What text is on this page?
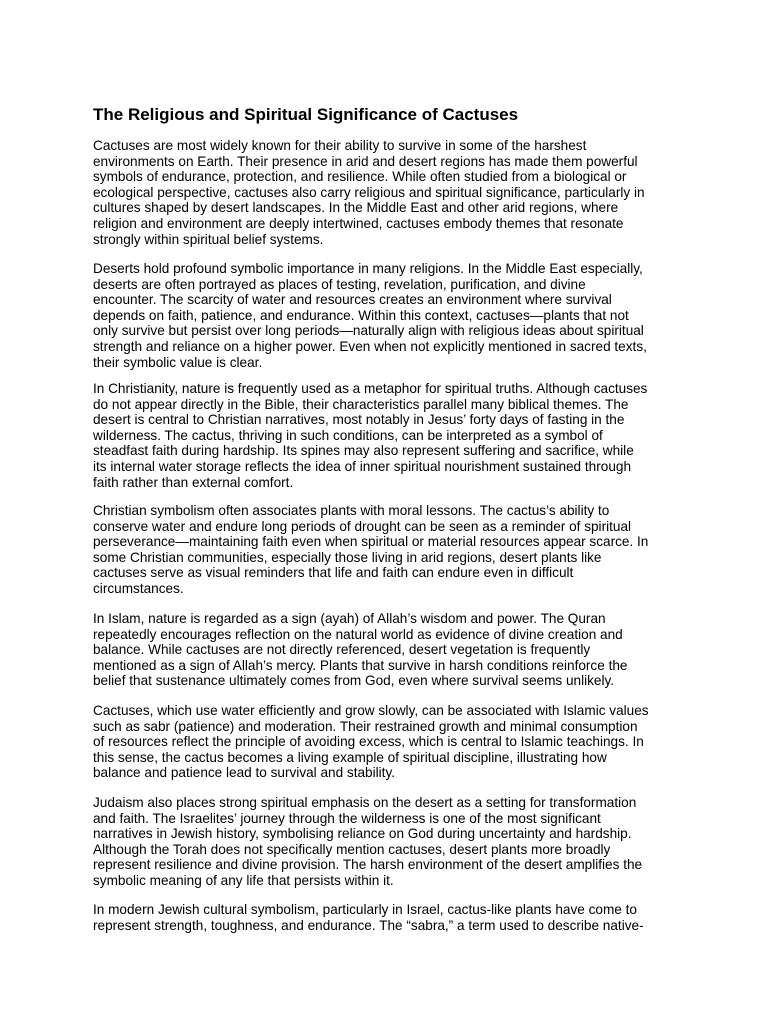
The Religious and Spiritual Significance of Cactuses

Cactuses are most widely known for their ability to survive in some of the harshest
environments on Earth. Their presence in arid and desert regions has made them powerful
symbols of endurance, protection, and resilience. While often studied from a biological or
ecological perspective, cactuses also carry religious and spiritual significance, particularly in
cultures shaped by desert landscapes. In the Middle East and other arid regions, where
religion and environment are deeply intertwined, cactuses embody themes that resonate
strongly within spiritual belief systems.

Deserts hold profound symbolic importance in many religions. In the Middle East especially,
deserts are often portrayed as places of testing, revelation, purification, and divine
encounter. The scarcity of water and resources creates an environment where survival
depends on faith, patience, and endurance. Within this context, cactuses—plants that not
only survive but persist over long periods—naturally align with religious ideas about spiritual
strength and reliance on a higher power. Even when not explicitly mentioned in sacred texts,
their symbolic value is clear.

In Christianity, nature is frequently used as a metaphor for spiritual truths. Although cactuses
do not appear directly in the Bible, their characteristics parallel many biblical themes. The
desert is central to Christian narratives, most notably in Jesus’ forty days of fasting in the
wilderness. The cactus, thriving in such conditions, can be interpreted as a symbol of
steadfast faith during hardship. Its spines may also represent suffering and sacrifice, while
its internal water storage reflects the idea of inner spiritual nourishment sustained through
faith rather than external comfort.

Christian symbolism often associates plants with moral lessons. The cactus’s ability to
conserve water and endure long periods of drought can be seen as a reminder of spiritual
perseverance—maintaining faith even when spiritual or material resources appear scarce. In
some Christian communities, especially those living in arid regions, desert plants like
cactuses serve as visual reminders that life and faith can endure even in difficult
circumstances.

In Islam, nature is regarded as a sign (ayah) of Allah’s wisdom and power. The Quran
repeatedly encourages reflection on the natural world as evidence of divine creation and
balance. While cactuses are not directly referenced, desert vegetation is frequently
mentioned as a sign of Allah’s mercy. Plants that survive in harsh conditions reinforce the
belief that sustenance ultimately comes from God, even where survival seems unlikely.

Cactuses, which use water efficiently and grow slowly, can be associated with Islamic values
such as sabr (patience) and moderation. Their restrained growth and minimal consumption
of resources reflect the principle of avoiding excess, which is central to Islamic teachings. In
this sense, the cactus becomes a living example of spiritual discipline, illustrating how
balance and patience lead to survival and stability.

Judaism also places strong spiritual emphasis on the desert as a setting for transformation
and faith. The Israelites’ journey through the wilderness is one of the most significant
narratives in Jewish history, symbolising reliance on God during uncertainty and hardship.
Although the Torah does not specifically mention cactuses, desert plants more broadly
represent resilience and divine provision. The harsh environment of the desert amplifies the
symbolic meaning of any life that persists within it.

In modern Jewish cultural symbolism, particularly in Israel, cactus-like plants have come to
represent strength, toughness, and endurance. The “sabra,” a term used to describe native-
